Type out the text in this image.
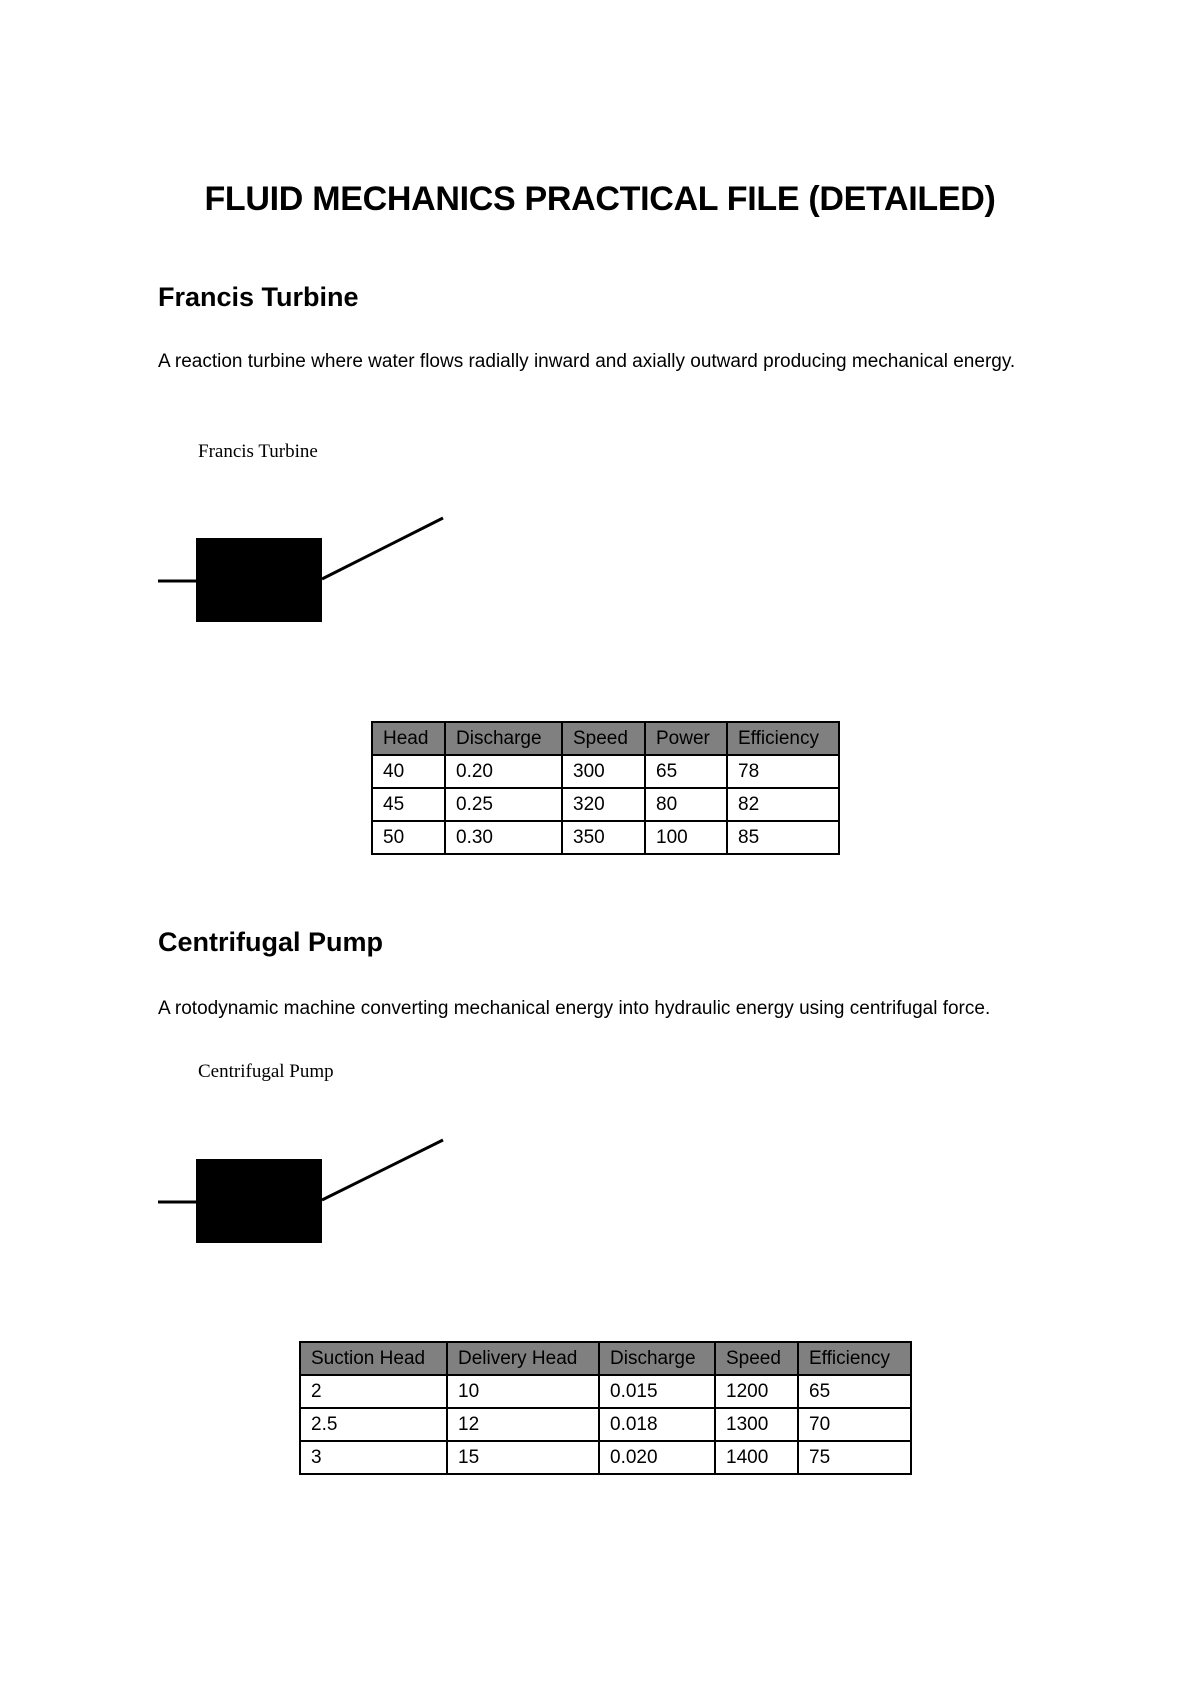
FLUID MECHANICS PRACTICAL FILE (DETAILED)
Francis Turbine
A reaction turbine where water flows radially inward and axially outward producing mechanical energy.
Francis Turbine
Head	Discharge	Speed	Power	Efficiency
40	0.20	300	65	78
45	0.25	320	80	82
50	0.30	350	100	85
Centrifugal Pump
A rotodynamic machine converting mechanical energy into hydraulic energy using centrifugal force.
Centrifugal Pump
Suction Head	Delivery Head	Discharge	Speed	Efficiency
2	10	0.015	1200	65
2.5	12	0.018	1300	70
3	15	0.020	1400	75
